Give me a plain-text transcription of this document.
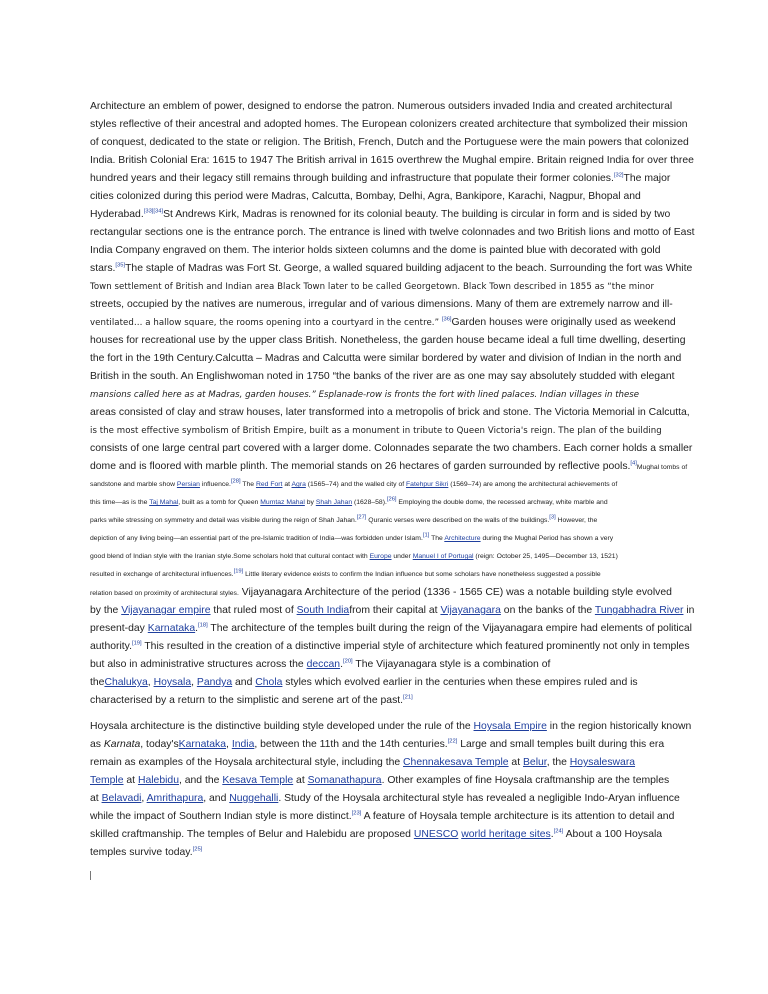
Architecture an emblem of power, designed to endorse the patron. Numerous outsiders invaded India and created architectural
styles reflective of their ancestral and adopted homes. The European colonizers created architecture that symbolized their mission
of conquest, dedicated to the state or religion. The British, French, Dutch and the Portuguese were the main powers that colonized
India. British Colonial Era: 1615 to 1947 The British arrival in 1615 overthrew the Mughal empire. Britain reigned India for over three
hundred years and their legacy still remains through building and infrastructure that populate their former colonies.[32]The major
cities colonized during this period were Madras, Calcutta, Bombay, Delhi, Agra, Bankipore, Karachi, Nagpur, Bhopal and
Hyderabad.[33][34]St Andrews Kirk, Madras is renowned for its colonial beauty. The building is circular in form and is sided by two
rectangular sections one is the entrance porch. The entrance is lined with twelve colonnades and two British lions and motto of East
India Company engraved on them. The interior holds sixteen columns and the dome is painted blue with decorated with gold
stars.[35]The staple of Madras was Fort St. George, a walled squared building adjacent to the beach. Surrounding the fort was White
Town settlement of British and Indian area Black Town later to be called Georgetown. Black Town described in 1855 as “the minor
streets, occupied by the natives are numerous, irregular and of various dimensions. Many of them are extremely narrow and ill-
ventilated… a hallow square, the rooms opening into a courtyard in the centre.” [36]Garden houses were originally used as weekend
houses for recreational use by the upper class British. Nonetheless, the garden house became ideal a full time dwelling, deserting
the fort in the 19th Century.Calcutta – Madras and Calcutta were similar bordered by water and division of Indian in the north and
British in the south. An Englishwoman noted in 1750 “the banks of the river are as one may say absolutely studded with elegant
mansions called here as at Madras, garden houses.” Esplanade-row is fronts the fort with lined palaces. Indian villages in these
areas consisted of clay and straw houses, later transformed into a metropolis of brick and stone. The Victoria Memorial in Calcutta,
is the most effective symbolism of British Empire, built as a monument in tribute to Queen Victoria's reign. The plan of the building
consists of one large central part covered with a larger dome. Colonnades separate the two chambers. Each corner holds a smaller
dome and is floored with marble plinth. The memorial stands on 26 hectares of garden surrounded by reflective pools.[4]Mughal tombs of
sandstone and marble show Persian influence.[28] The Red Fort at Agra (1565–74) and the walled city of Fatehpur Sikri (1569–74) are among the architectural achievements of
this time—as is the Taj Mahal, built as a tomb for Queen Mumtaz Mahal by Shah Jahan (1628–58).[26] Employing the double dome, the recessed archway, white marble and
parks while stressing on symmetry and detail was visible during the reign of Shah Jahan.[27] Quranic verses were described on the walls of the buildings.[3] However, the
depiction of any living being—an essential part of the pre-Islamic tradition of India—was forbidden under Islam.[1] The Architecture during the Mughal Period has shown a very
good blend of Indian style with the Iranian style.Some scholars hold that cultural contact with Europe under Manuel I of Portugal (reign: October 25, 1495—December 13, 1521)
resulted in exchange of architectural influences.[19] Little literary evidence exists to confirm the Indian influence but some scholars have nonetheless suggested a possible
relation based on proximity of architectural styles. Vijayanagara Architecture of the period (1336 - 1565 CE) was a notable building style evolved
by the Vijayanagar empire that ruled most of South Indiafrom their capital at Vijayanagara on the banks of the Tungabhadra River in
present-day Karnataka.[18] The architecture of the temples built during the reign of the Vijayanagara empire had elements of political
authority.[19] This resulted in the creation of a distinctive imperial style of architecture which featured prominently not only in temples
but also in administrative structures across the deccan.[20] The Vijayanagara style is a combination of
theChalukya, Hoysala, Pandya and Chola styles which evolved earlier in the centuries when these empires ruled and is
characterised by a return to the simplistic and serene art of the past.[21]
Hoysala architecture is the distinctive building style developed under the rule of the Hoysala Empire in the region historically known
as Karnata, today'sKarnataka, India, between the 11th and the 14th centuries.[22] Large and small temples built during this era
remain as examples of the Hoysala architectural style, including the Chennakesava Temple at Belur, the Hoysaleswara
Temple at Halebidu, and the Kesava Temple at Somanathapura. Other examples of fine Hoysala craftmanship are the temples
at Belavadi, Amrithapura, and Nuggehalli. Study of the Hoysala architectural style has revealed a negligible Indo-Aryan influence
while the impact of Southern Indian style is more distinct.[23] A feature of Hoysala temple architecture is its attention to detail and
skilled craftmanship. The temples of Belur and Halebidu are proposed UNESCO world heritage sites.[24] About a 100 Hoysala
temples survive today.[25]
